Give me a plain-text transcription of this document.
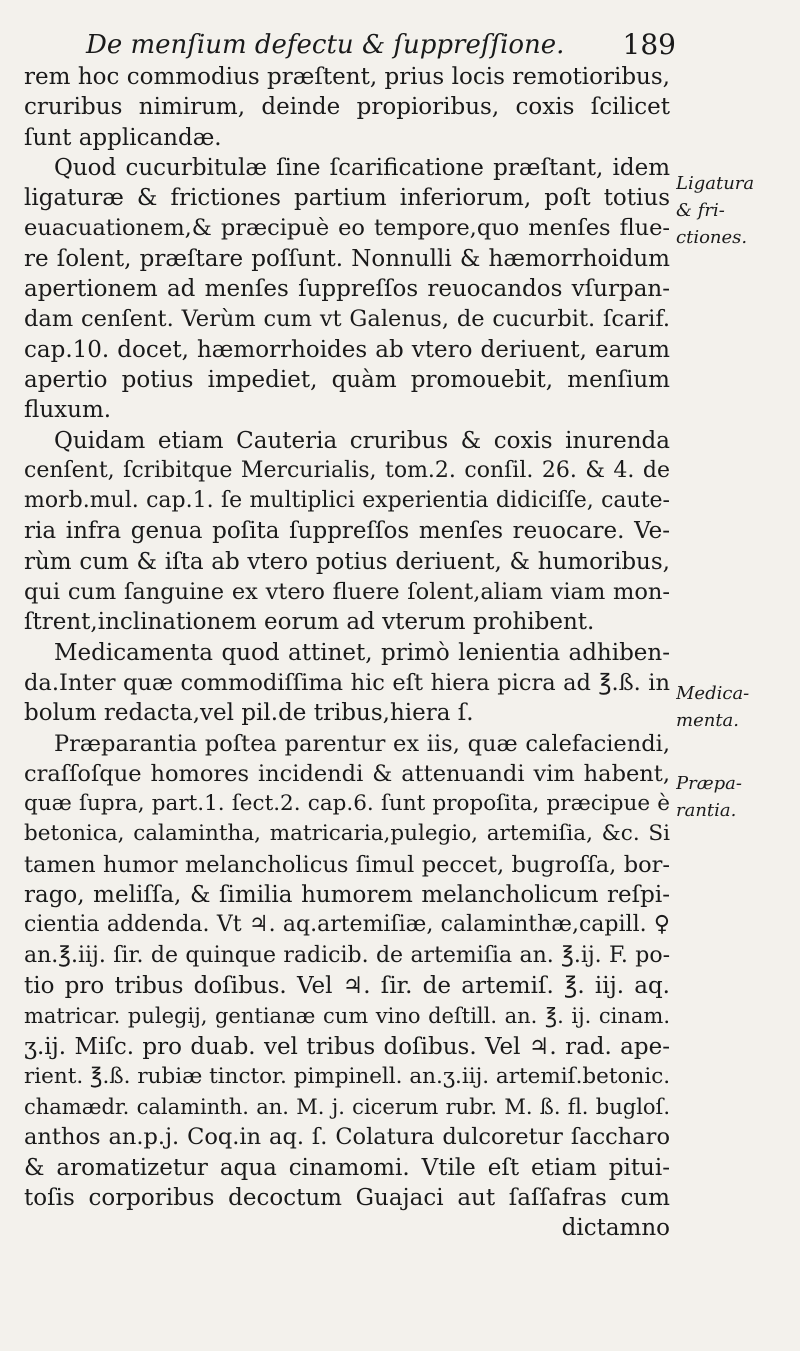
De menſium defectu & ſuppreſſione. 189
rem hoc commodius præſtent, prius locis remotioribus,
cruribus nimirum, deinde propioribus, coxis ſcilicet
ſunt applicandæ.
Quod cucurbitulæ ſine ſcarificatione præſtant, idem
ligaturæ & frictiones partium inferiorum, poſt totius
euacuationem,& præcipuè eo tempore,quo menſes flue-
re ſolent, præſtare poſſunt. Nonnulli & hæmorrhoidum
apertionem ad menſes ſuppreſſos reuocandos vſurpan-
dam cenſent. Verùm cum vt Galenus, de cucurbit. ſcarif.
cap.10. docet, hæmorrhoides ab vtero deriuent, earum
apertio potius impediet, quàm promouebit, menſium
fluxum.
Quidam etiam Cauteria cruribus & coxis inurenda
cenſent, ſcribitque Mercurialis, tom.2. conſil. 26. & 4. de
morb.mul. cap.1. ſe multiplici experientia didiciſſe, caute-
ria infra genua poſita ſuppreſſos menſes reuocare. Ve-
rùm cum & iſta ab vtero potius deriuent, & humoribus,
qui cum ſanguine ex vtero fluere ſolent,aliam viam mon-
ſtrent,inclinationem eorum ad vterum prohibent.
Medicamenta quod attinet, primò lenientia adhiben-
da.Inter quæ commodiſſima hic eſt hiera picra ad ℥.ß. in
bolum redacta,vel pil.de tribus,hiera ſ.
Præparantia poſtea parentur ex iis, quæ calefaciendi,
craſſoſque homores incidendi & attenuandi vim habent,
quæ ſupra, part.1. ſect.2. cap.6. ſunt propoſita, præcipue è
betonica, calamintha, matricaria,pulegio, artemiſia, &c. Si
tamen humor melancholicus ſimul peccet, bugroſſa, bor-
rago, meliſſa, & ſimilia humorem melancholicum reſpi-
cientia addenda. Vt ♃. aq.artemiſiæ, calaminthæ,capill. ♀
an.℥.iij. ſir. de quinque radicib. de artemiſia an. ℥.ij. F. po-
tio pro tribus doſibus. Vel ♃. ſir. de artemiſ. ℥. iij. aq.
matricar. pulegij, gentianæ cum vino deſtill. an. ℥. ij. cinam.
ʒ.ij. Miſc. pro duab. vel tribus doſibus. Vel ♃. rad. ape-
rient. ℥.ß. rubiæ tinctor. pimpinell. an.ʒ.iij. artemiſ.betonic.
chamædr. calaminth. an. M. j. cicerum rubr. M. ß. fl. bugloſ.
anthos an.p.j. Coq.in aq. ſ. Colatura dulcoretur ſaccharo
& aromatizetur aqua cinamomi. Vtile eſt etiam pitui-
toſis corporibus decoctum Guajaci aut ſaſſafras cum
dictamno
Ligatura
& fri-
ctiones.
Medica-
menta.
Præpa-
rantia.
